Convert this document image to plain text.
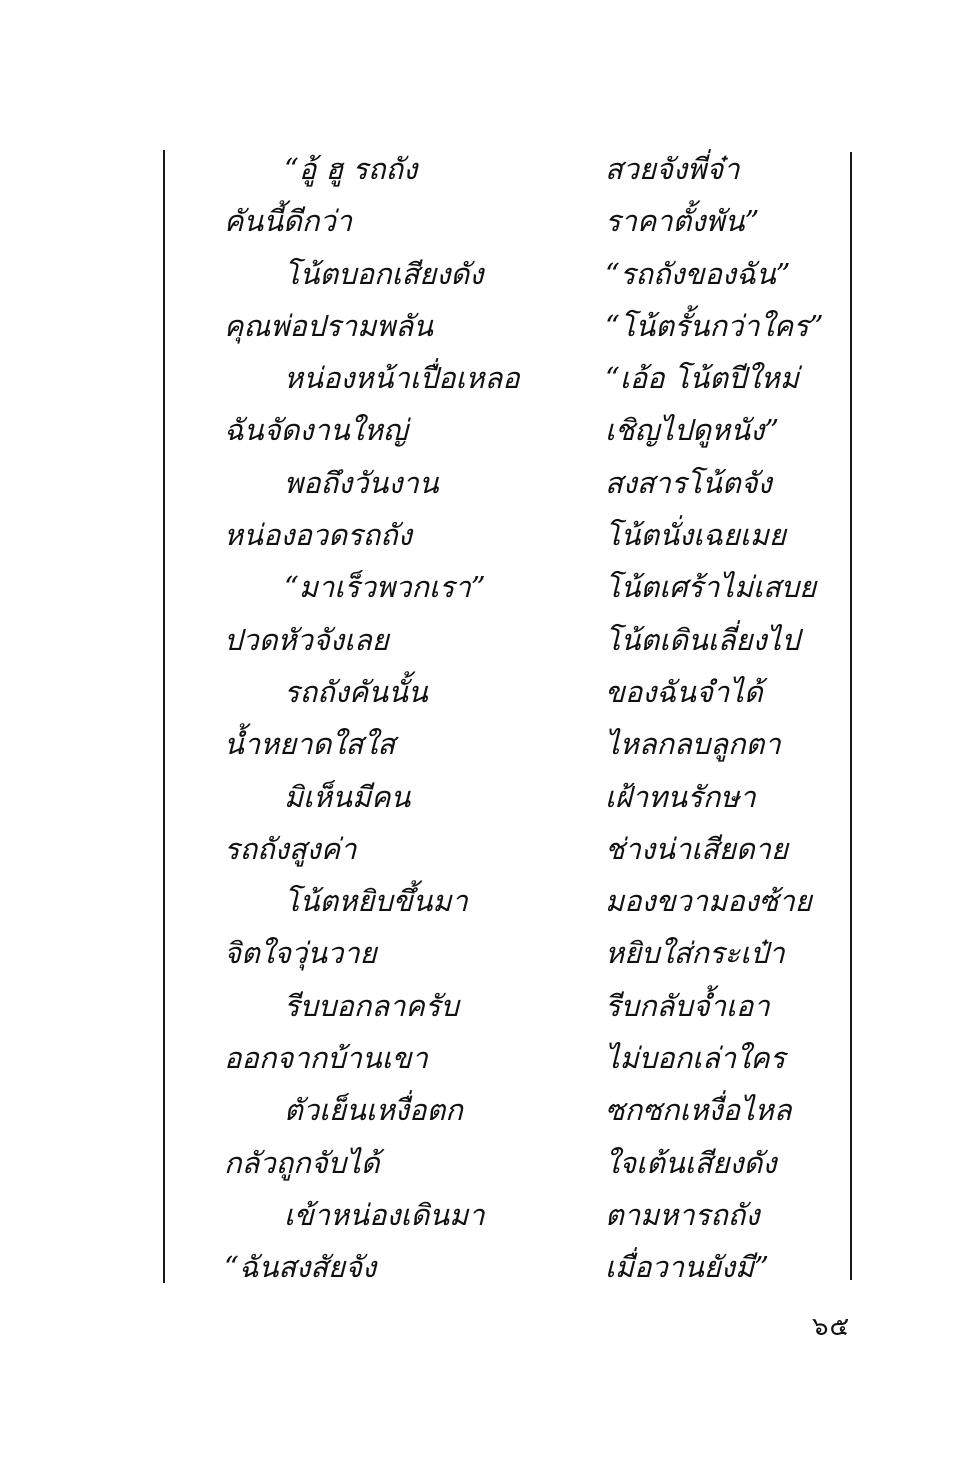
“อู้ ฮู รถถัง	สวยจังพี่จ๋า
คันนี้ดีกว่า	ราคาตั้งพัน”
โน้ตบอกเสียงดัง	“รถถังของฉัน”
คุณพ่อปรามพลัน	“โน้ตรั้นกว่าใคร”
หน่องหน้าเปื่อเหลอ	“เอ้อ โน้ตปีใหม่
ฉันจัดงานใหญ่	เชิญไปดูหนัง”
พอถึงวันงาน	สงสารโน้ตจัง
หน่องอวดรถถัง	โน้ตนั่งเฉยเมย
“มาเร็วพวกเรา”	โน้ตเศร้าไม่เสบย
ปวดหัวจังเลย	โน้ตเดินเลี่ยงไป
รถถังคันนั้น	ของฉันจำได้
น้ำหยาดใสใส	ไหลกลบลูกตา
มิเห็นมีคน	เฝ้าทนรักษา
รถถังสูงค่า	ช่างน่าเสียดาย
โน้ตหยิบขึ้นมา	มองขวามองซ้าย
จิตใจวุ่นวาย	หยิบใส่กระเป๋า
รีบบอกลาครับ	รีบกลับจ้ำเอา
ออกจากบ้านเขา	ไม่บอกเล่าใคร
ตัวเย็นเหงื่อตก	ซกซกเหงื่อไหล
กลัวถูกจับได้	ใจเต้นเสียงดัง
เข้าหน่องเดินมา	ตามหารถถัง
“ฉันสงสัยจัง	เมื่อวานยังมี”
๖๕
